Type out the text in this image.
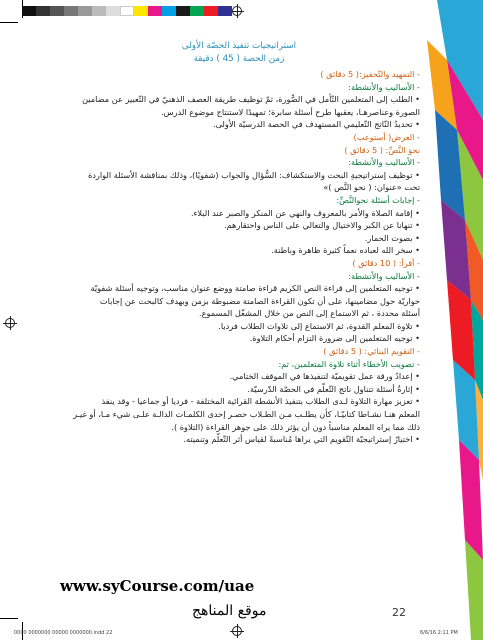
استراتيجيات تنفيذ الحصّة الأولى

زمن الحصة ( 45 ) دقيقة

- التمهيد والتّحفيز:( 5 دقائق )

- الأساليب والأنشطة:

• الطلب إلى المتعلمين التّأمل في الصُّورة، ثمّ توظيف طريقة العصف الذهنيّ في التّعبير عن مضامين

الصورة وعناصرهـا، يعقبها طرح أسئلة سابرة؛ تمهيدًا لاستنتاج موضوع الدرس.

• تحديدُ النّاتج التّعليمي المستهدف في الحصة الدرسيّة الأولى.

- العرض( أستوعب)

نحوَ النَّصِّ: ( 5 دقائق )

- الأساليب والأنشطة:

• توظيف إستراتيجيةِ البحث والاستكشاف: السُّؤال والجواب (شفويًا)، وذلك بمناقشة الأسئلة الواردة

تحت «عنوان: ( نحو النَّص )»

- إجابات أسئلة نحوالنَّصِّ:

• إقامة الصلاة والأمر بالمعروف والنهي عن المنكر والصبر عند البلاء.

• تنهانا عن الكبر والاختيال والتعالي على الناس واحتقارهم.

• بصوت الحمار.

• سخر الله لعباده نعماً كثيرة ظاهرة وباطنة.

- أقرأ: ( 10 دقائق )

- الأساليب والأنشطة:

• توجيه المتعلمين إلى قراءة النص الكريم قراءة صامتة ووضع عنوان مناسب، وتوجيه أسئلة شفويّة

حواريّة حول مضامينها، على أن تكون القراءة الصامتة مضبوطة بزمن وبهدف كالبحث عن إجابات

أسئلة محددة ، ثم الاستماع إلى النص من خلال المشغّل المسموع.

• تلاوة المعلم القدوة، ثم الاستماع إلى تلاوات الطلاب فرديا.

• توجيه المتعلمين إلى ضرورة التزام أحكام التلاوة.

- التقويم البنائي: ( 5 دقائق )

- تصويب الأخطاء أثناء تلاوة المتعلمين، ثم:

• إعدادُ ورقة عمل تقويميّة لتنفيذها في الموقف الختامي.

• إثارةُ أسئلة تتناول ناتج التّعلّم في الحصّة الدّرسيّة.

• تعزيز مهارة التلاوة لـدى الطلاب بتنفيذ الأنشطة القرائية المختلفة - فرديا أو جماعيا - وقد ينفذ

المعلم هنـا نشـاطا كتابيّـا، كأن يطلـب مـن الطـلاب حصـر إحدى الكلمـات الدالـة علـى شيء مـا، أو غيـر

ذلك مما يراه المعلم مناسباً دون أن يؤثر ذلك على جوهر القراءة (التلاوة ).

• اختيارُ إستراتيجيّة التّقويم التي يراها مُناسبةً لقياس أثر التّعلّم وتنميته.

www.syCourse.com/uae
موقع المناهج	22
0000 0000000 00000 0000000.indd 22	6/6/16 2:11 PM
